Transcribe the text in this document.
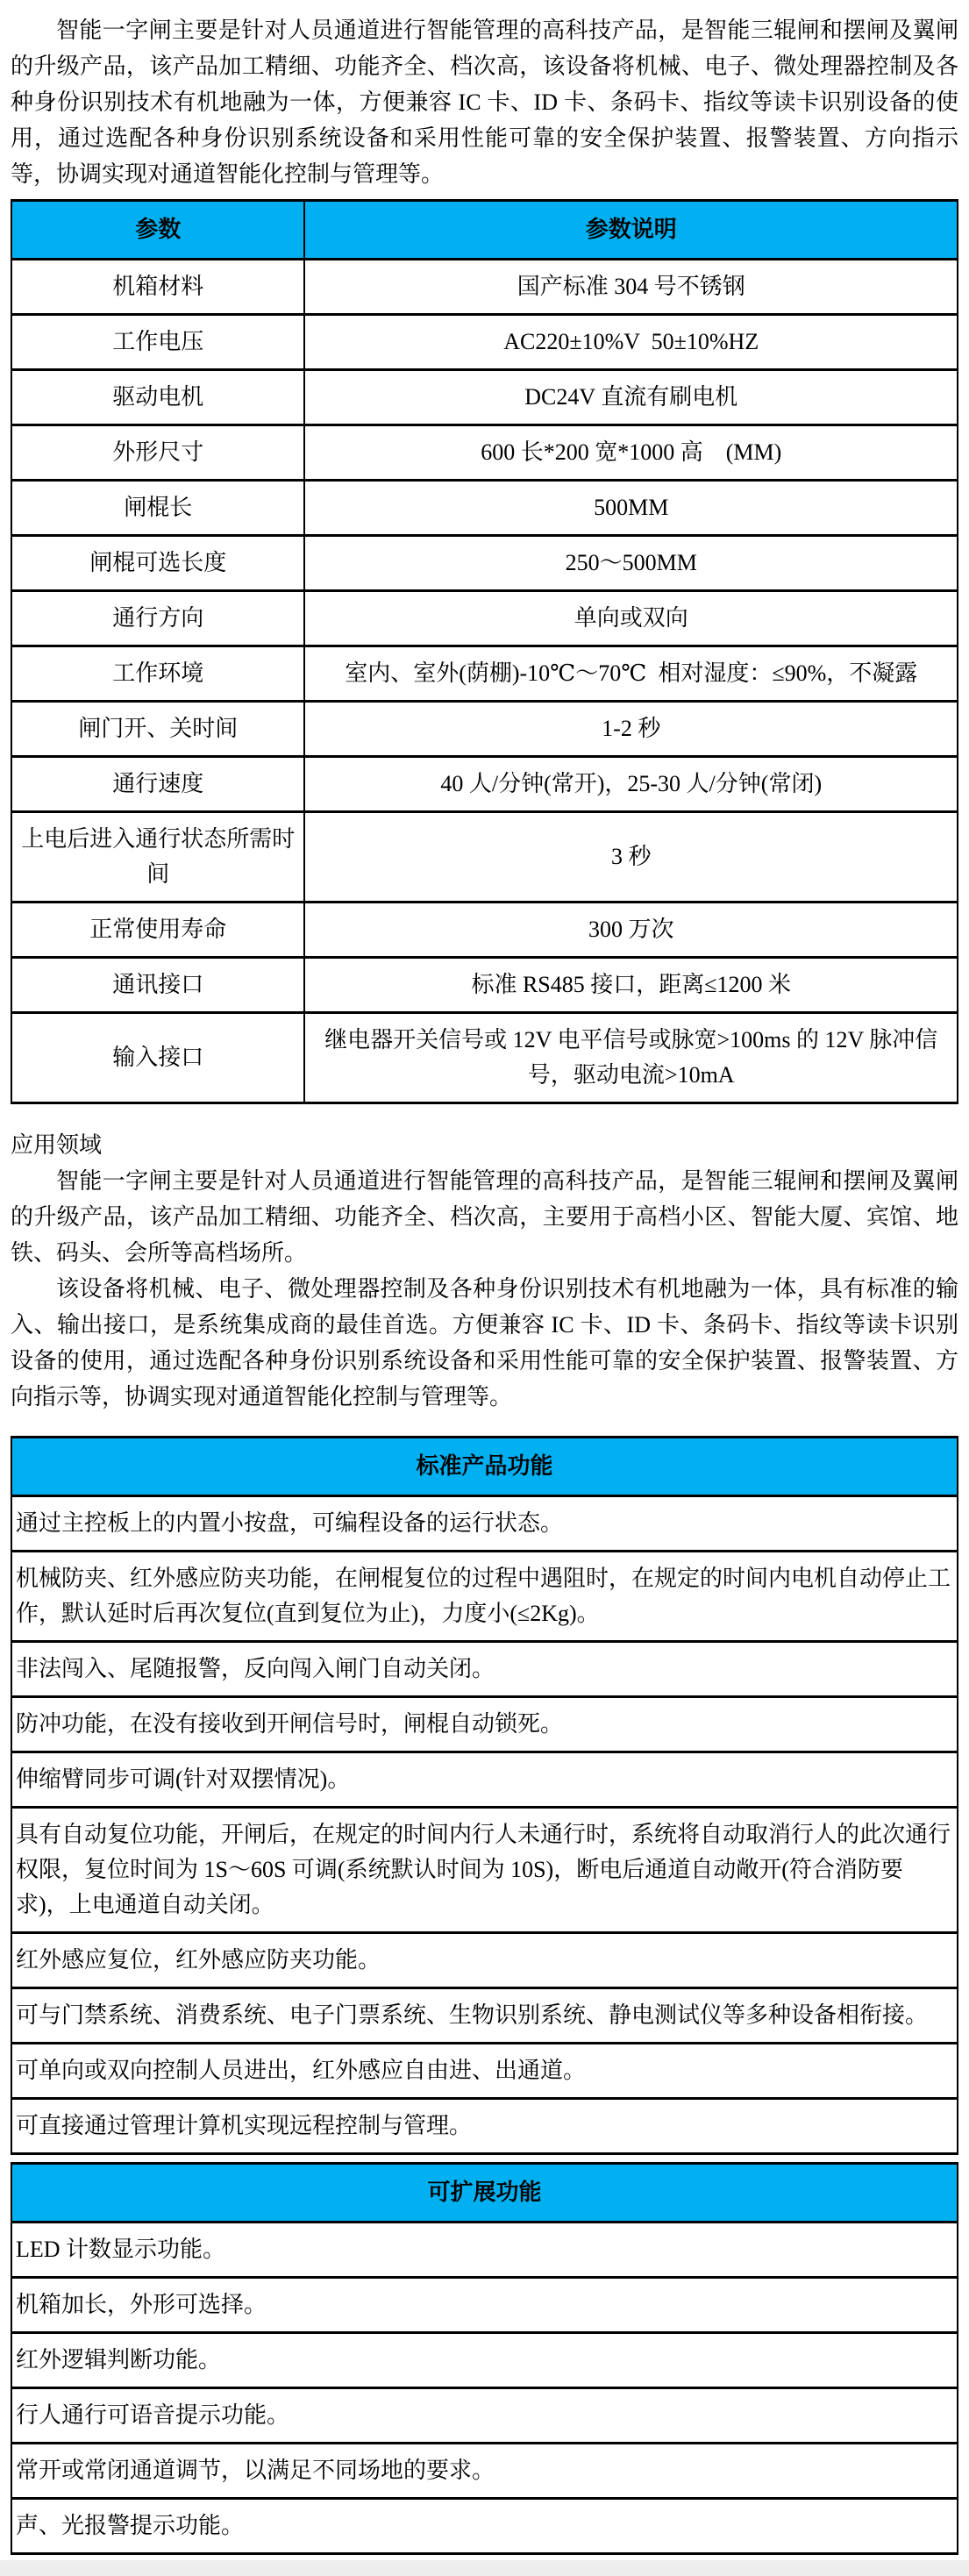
智能一字闸主要是针对人员通道进行智能管理的高科技产品，是智能三辊闸和摆闸及翼闸的升级产品，该产品加工精细、功能齐全、档次高，该设备将机械、电子、微处理器控制及各种身份识别技术有机地融为一体，方便兼容 IC 卡、ID 卡、条码卡、指纹等读卡识别设备的使用，通过选配各种身份识别系统设备和采用性能可靠的安全保护装置、报警装置、方向指示等，协调实现对通道智能化控制与管理等。

参数	参数说明
机箱材料	国产标准 304 号不锈钢
工作电压	AC220±10%V  50±10%HZ
驱动电机	DC24V 直流有刷电机
外形尺寸	600 长*200 宽*1000 高　(MM)
闸棍长	500MM
闸棍可选长度	250～500MM
通行方向	单向或双向
工作环境	室内、室外(荫棚)-10℃～70℃  相对湿度：≤90%，不凝露
闸门开、关时间	1-2 秒
通行速度	40 人/分钟(常开)，25-30 人/分钟(常闭)
上电后进入通行状态所需时间	3 秒
正常使用寿命	300 万次
通讯接口	标准 RS485 接口，距离≤1200 米
输入接口	继电器开关信号或 12V 电平信号或脉宽>100ms 的 12V 脉冲信号，驱动电流>10mA

应用领域

智能一字闸主要是针对人员通道进行智能管理的高科技产品，是智能三辊闸和摆闸及翼闸的升级产品，该产品加工精细、功能齐全、档次高，主要用于高档小区、智能大厦、宾馆、地铁、码头、会所等高档场所。

该设备将机械、电子、微处理器控制及各种身份识别技术有机地融为一体，具有标准的输入、输出接口，是系统集成商的最佳首选。方便兼容 IC 卡、ID 卡、条码卡、指纹等读卡识别设备的使用，通过选配各种身份识别系统设备和采用性能可靠的安全保护装置、报警装置、方向指示等，协调实现对通道智能化控制与管理等。

标准产品功能
通过主控板上的内置小按盘，可编程设备的运行状态。
机械防夹、红外感应防夹功能，在闸棍复位的过程中遇阻时，在规定的时间内电机自动停止工作，默认延时后再次复位(直到复位为止)，力度小(≤2Kg)。
非法闯入、尾随报警，反向闯入闸门自动关闭。
防冲功能，在没有接收到开闸信号时，闸棍自动锁死。
伸缩臂同步可调(针对双摆情况)。
具有自动复位功能，开闸后，在规定的时间内行人未通行时，系统将自动取消行人的此次通行权限，复位时间为 1S～60S 可调(系统默认时间为 10S)，断电后通道自动敞开(符合消防要求)，上电通道自动关闭。
红外感应复位，红外感应防夹功能。
可与门禁系统、消费系统、电子门票系统、生物识别系统、静电测试仪等多种设备相衔接。
可单向或双向控制人员进出，红外感应自由进、出通道。
可直接通过管理计算机实现远程控制与管理。
可扩展功能
LED 计数显示功能。
机箱加长，外形可选择。
红外逻辑判断功能。
行人通行可语音提示功能。
常开或常闭通道调节，以满足不同场地的要求。
声、光报警提示功能。
